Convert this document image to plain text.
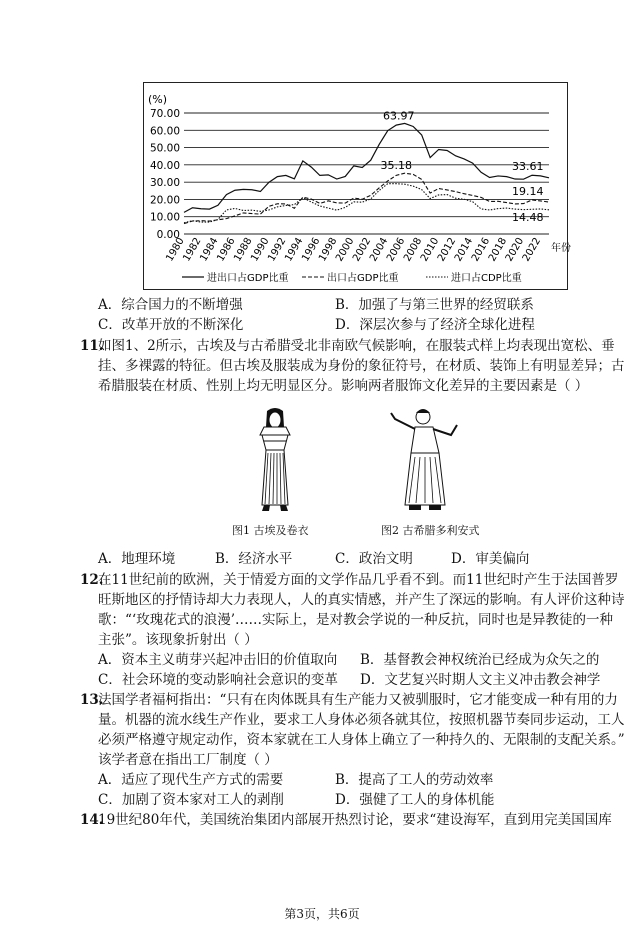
(%)
0.00
10.00
20.00
30.00
40.00
50.00
60.00
70.00
1980
1982
1984
1986
1988
1990
1992
1994
1996
1998
2000
2002
2004
2006
2008
2010
2012
2014
2016
2018
2020
2022 年份
63.97
35.18	33.61
19.14
14.48
进出口占GDP比重	出口占GDP比重	进口占CDP比重
A．综合国力的不断增强	B．加强了与第三世界的经贸联系
C．改革开放的不断深化	D．深层次参与了经济全球化进程
11.
如图1、2所示，古埃及与古希腊受北非南欧气候影响，在服装式样上均表现出宽松、垂
挂、多裸露的特征。但古埃及服装成为身份的象征符号，在材质、装饰上有明显差异；古
希腊服装在材质、性别上均无明显区分。影响两者服饰文化差异的主要因素是（ ）
图1 古埃及卷衣	图2 古希腊多利安式
A．地理环境	B．经济水平	C．政治文明	D．审美偏向
12.
在11世纪前的欧洲，关于情爱方面的文学作品几乎看不到。而11世纪时产生于法国普罗
旺斯地区的抒情诗却大力表现人，人的真实情感，并产生了深远的影响。有人评价这种诗
歌：“‘玫瑰花式的浪漫’……实际上，是对教会学说的一种反抗，同时也是异教徒的一种
主张”。该现象折射出（ ）
A．资本主义萌芽兴起冲击旧的价值取向 B．基督教会神权统治已经成为众矢之的
C．社会环境的变动影响社会意识的变革 D．文艺复兴时期人文主义冲击教会神学
13.
法国学者福柯指出：“只有在肉体既具有生产能力又被驯服时，它才能变成一种有用的力
量。机器的流水线生产作业，要求工人身体必须各就其位，按照机器节奏同步运动，工人
必须严格遵守规定动作，资本家就在工人身体上确立了一种持久的、无限制的支配关系。”
该学者意在指出工厂制度（ ）
A．适应了现代生产方式的需要	B．提高了工人的劳动效率
C．加剧了资本家对工人的剥削	D．强健了工人的身体机能
14.
19世纪80年代，美国统治集团内部展开热烈讨论，要求“建设海军，直到用完美国国库
第3页，共6页
